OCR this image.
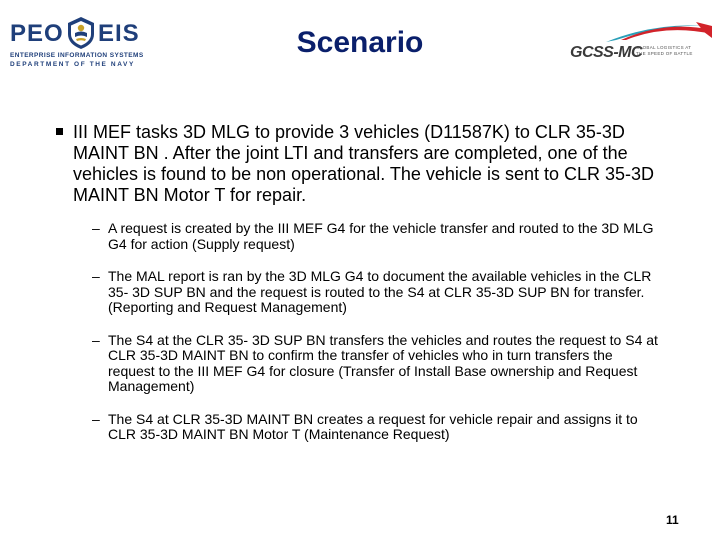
PEO EIS
ENTERPRISE INFORMATION SYSTEMS
DEPARTMENT OF THE NAVY
Scenario	GCSS-MC
GLOBAL LOGISTICS AT
THE SPEED OF BATTLE
III MEF tasks 3D MLG to provide 3 vehicles (D11587K) to CLR 35-3D MAINT BN . After the joint LTI and transfers are completed, one of the vehicles is found to be non operational. The vehicle is sent to CLR 35-3D MAINT BN Motor T for repair.
– A request is created by the III MEF G4 for the vehicle transfer and routed to the 3D MLG G4 for action (Supply request)
– The MAL report is ran by the 3D MLG G4 to document the available vehicles in the CLR 35- 3D SUP BN and the request is routed to the S4 at CLR 35-3D SUP BN for transfer. (Reporting and Request Management)
– The S4 at the CLR 35- 3D SUP BN transfers the vehicles and routes the request to S4 at CLR 35-3D MAINT BN to confirm the transfer of vehicles who in turn transfers the request to the III MEF G4 for closure (Transfer of Install Base ownership and Request Management)
– The S4 at CLR 35-3D MAINT BN creates a request for vehicle repair and assigns it to CLR 35-3D MAINT BN Motor T (Maintenance Request)
11
